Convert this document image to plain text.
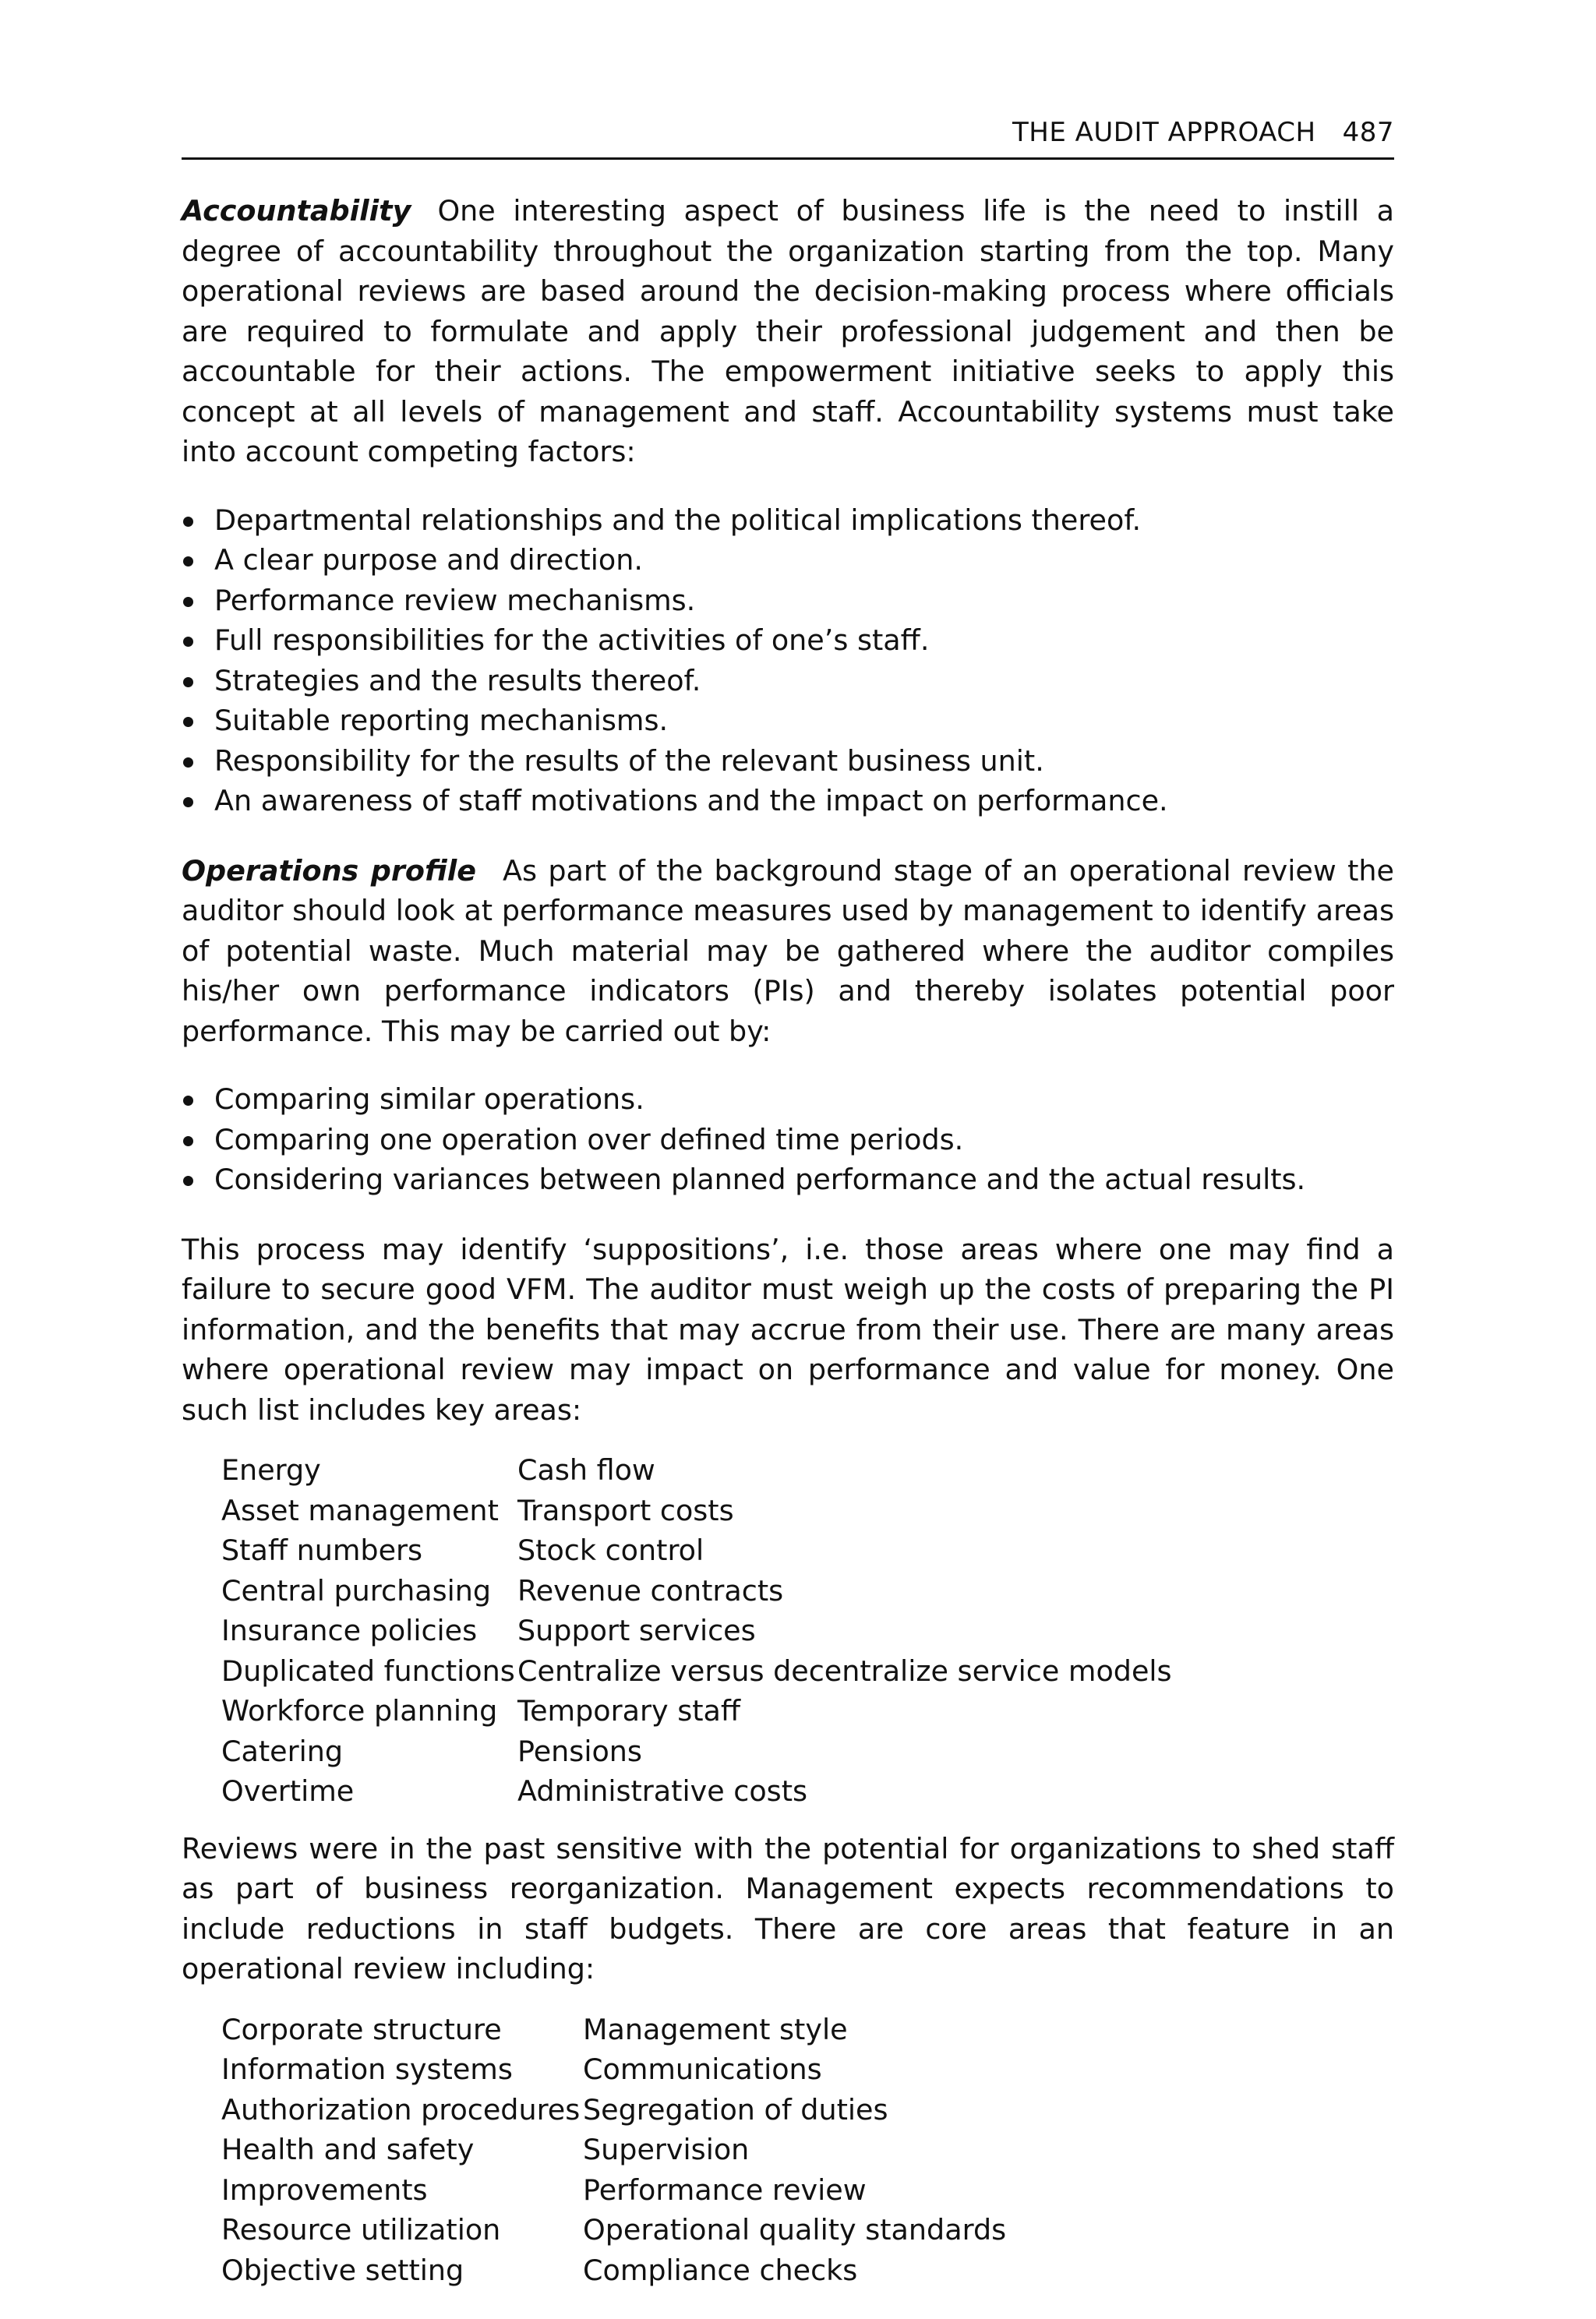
THE AUDIT APPROACH 487

Accountability One interesting aspect of business life is the need to instill a degree of accountability throughout the organization starting from the top. Many operational reviews are based around the decision-making process where officials are required to formulate and apply their professional judgement and then be accountable for their actions. The empowerment initiative seeks to apply this concept at all levels of management and staff. Accountability systems must take into account competing factors:

Departmental relationships and the political implications thereof.
A clear purpose and direction.
Performance review mechanisms.
Full responsibilities for the activities of one’s staff.
Strategies and the results thereof.
Suitable reporting mechanisms.
Responsibility for the results of the relevant business unit.
An awareness of staff motivations and the impact on performance.

Operations profile As part of the background stage of an operational review the auditor should look at performance measures used by management to identify areas of potential waste. Much material may be gathered where the auditor compiles his/her own performance indicators (PIs) and thereby isolates potential poor performance. This may be carried out by:

Comparing similar operations.
Comparing one operation over defined time periods.
Considering variances between planned performance and the actual results.

This process may identify ‘suppositions’, i.e. those areas where one may find a failure to secure good VFM. The auditor must weigh up the costs of preparing the PI information, and the benefits that may accrue from their use. There are many areas where operational review may impact on performance and value for money. One such list includes key areas:

Energy	Cash flow
Asset management Transport costs
Staff numbers	Stock control
Central purchasing Revenue contracts
Insurance policies	Support services
Duplicated functions Centralize versus decentralize service models
Workforce planning Temporary staff
Catering	Pensions
Overtime	Administrative costs

Reviews were in the past sensitive with the potential for organizations to shed staff as part of business reorganization. Management expects recommendations to include reductions in staff budgets. There are core areas that feature in an operational review including:

Corporate structure	Management style
Information systems	Communications
Authorization procedures Segregation of duties
Health and safety	Supervision
Improvements	Performance review
Resource utilization	Operational quality standards
Objective setting	Compliance checks
